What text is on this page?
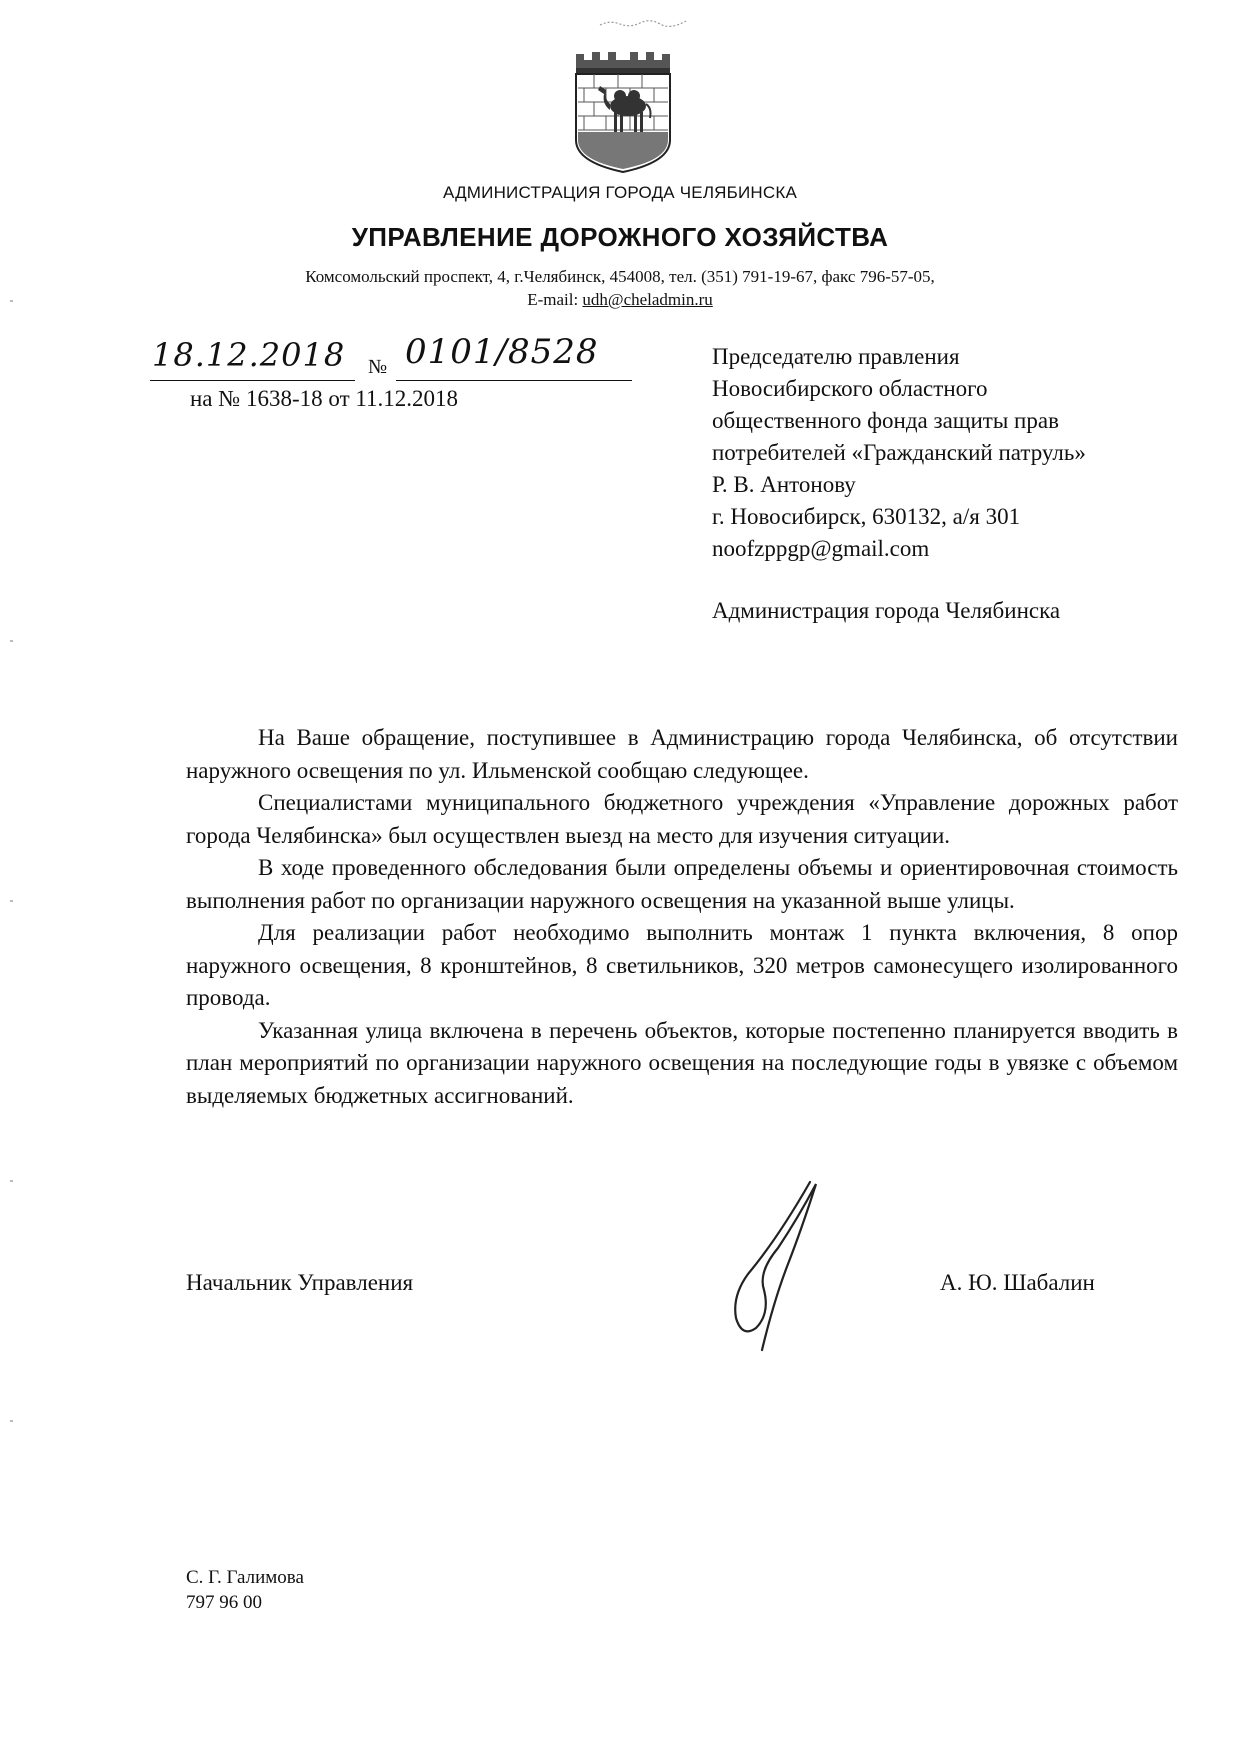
АДМИНИСТРАЦИЯ ГОРОДА ЧЕЛЯБИНСКА
УПРАВЛЕНИЕ ДОРОЖНОГО ХОЗЯЙСТВА
Комсомольский проспект, 4, г.Челябинск, 454008, тел. (351) 791-19-67, факс 796-57-05,
E-mail: udh@cheladmin.ru
18.12.2018 № 0101/8528
на № 1638-18 от 11.12.2018
Председателю правления
Новосибирского областного
общественного фонда защиты прав
потребителей «Гражданский патруль»
Р. В. Антонову
г. Новосибирск, 630132, а/я 301
noofzppgp@gmail.com
Администрация города Челябинска

На Ваше обращение, поступившее в Администрацию города Челябинска, об отсутствии наружного освещения по ул. Ильменской сообщаю следующее.

Специалистами муниципального бюджетного учреждения «Управление дорожных работ города Челябинска» был осуществлен выезд на место для изучения ситуации.

В ходе проведенного обследования были определены объемы и ориентировочная стоимость выполнения работ по организации наружного освещения на указанной выше улицы.

Для реализации работ необходимо выполнить монтаж 1 пункта включения, 8 опор наружного освещения, 8 кронштейнов, 8 светильников, 320 метров самонесущего изолированного провода.

Указанная улица включена в перечень объектов, которые постепенно планируется вводить в план мероприятий по организации наружного освещения на последующие годы в увязке с объемом выделяемых бюджетных ассигнований.

Начальник Управления	А. Ю. Шабалин
С. Г. Галимова
797 96 00
